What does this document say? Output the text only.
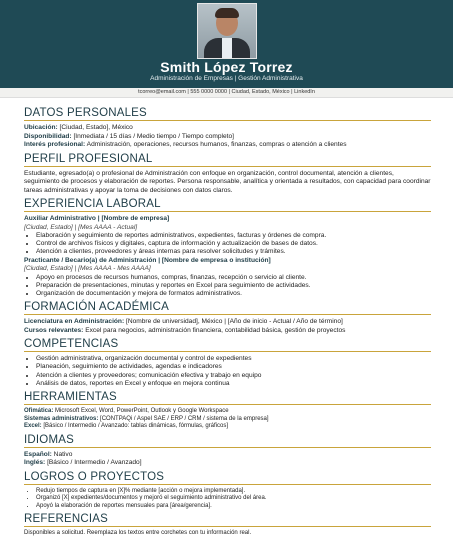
Smith López Torrez
Administración de Empresas | Gestión Administrativa
tcorreo@email.com | 555 0000 0000 | Ciudad, Estado, México | LinkedIn
DATOS PERSONALES
Ubicación: [Ciudad, Estado], México
Disponibilidad: [Inmediata / 15 días / Medio tiempo / Tiempo completo]
Interés profesional: Administración, operaciones, recursos humanos, finanzas, compras o atención a clientes
PERFIL PROFESIONAL
Estudiante, egresado(a) o profesional de Administración con enfoque en organización, control documental, atención a clientes, seguimiento de procesos y elaboración de reportes. Persona responsable, analítica y orientada a resultados, con capacidad para coordinar tareas administrativas y apoyar la toma de decisiones con datos claros.
EXPERIENCIA LABORAL
Auxiliar Administrativo | [Nombre de empresa]
[Ciudad, Estado] | [Mes AAAA - Actual]
• Elaboración y seguimiento de reportes administrativos, expedientes, facturas y órdenes de compra.
• Control de archivos físicos y digitales, captura de información y actualización de bases de datos.
• Atención a clientes, proveedores y áreas internas para resolver solicitudes y trámites.
Practicante / Becario(a) de Administración | [Nombre de empresa o institución]
[Ciudad, Estado] | [Mes AAAA - Mes AAAA]
• Apoyo en procesos de recursos humanos, compras, finanzas, recepción o servicio al cliente.
• Preparación de presentaciones, minutas y reportes en Excel para seguimiento de actividades.
• Organización de documentación y mejora de formatos administrativos.
FORMACIÓN ACADÉMICA
Licenciatura en Administración: [Nombre de universidad], México | [Año de inicio - Actual / Año de término]
Cursos relevantes: Excel para negocios, administración financiera, contabilidad básica, gestión de proyectos
COMPETENCIAS
• Gestión administrativa, organización documental y control de expedientes
• Planeación, seguimiento de actividades, agendas e indicadores
• Atención a clientes y proveedores; comunicación efectiva y trabajo en equipo
• Análisis de datos, reportes en Excel y enfoque en mejora continua
HERRAMIENTAS
Ofimática: Microsoft Excel, Word, PowerPoint, Outlook y Google Workspace
Sistemas administrativos: [CONTPAQi / Aspel SAE / ERP / CRM / sistema de la empresa]
Excel: [Básico / Intermedio / Avanzado: tablas dinámicas, fórmulas, gráficos]
IDIOMAS
Español: Nativo
Inglés: [Básico / Intermedio / Avanzado]
LOGROS O PROYECTOS
• Redujo tiempos de captura en [X]% mediante [acción o mejora implementada].
• Organizó [X] expedientes/documentos y mejoró el seguimiento administrativo del área.
• Apoyó la elaboración de reportes mensuales para [área/gerencia].
REFERENCIAS
Disponibles a solicitud. Reemplaza los textos entre corchetes con tu información real.
